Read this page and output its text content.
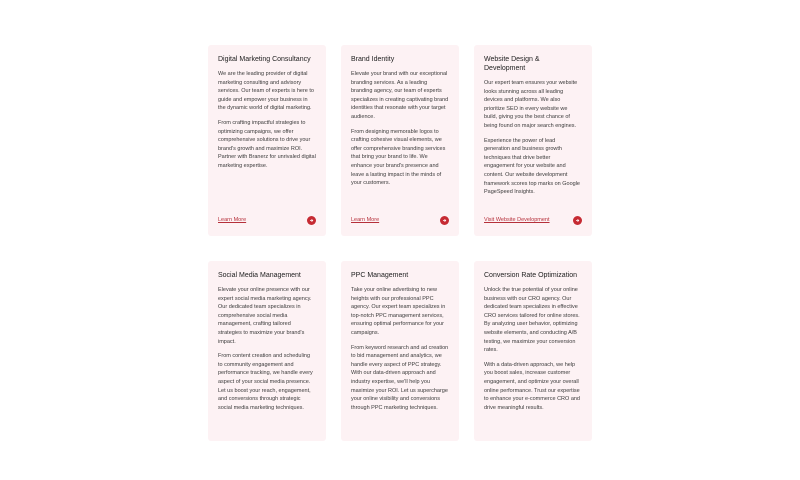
Digital Marketing Consultancy

We are the leading provider of digital marketing consulting and advisory services. Our team of experts is here to guide and empower your business in the dynamic world of digital marketing.

From crafting impactful strategies to optimizing campaigns, we offer comprehensive solutions to drive your brand's growth and maximize ROI. Partner with Branerz for unrivaled digital marketing expertise.

Learn More
Brand Identity

Elevate your brand with our exceptional branding services. As a leading branding agency, our team of experts specializes in creating captivating brand identities that resonate with your target audience.

From designing memorable logos to crafting cohesive visual elements, we offer comprehensive branding services that bring your brand to life. We enhance your brand's presence and leave a lasting impact in the minds of your customers.

Learn More
Website Design & Development

Our expert team ensures your website looks stunning across all leading devices and platforms. We also prioritize SEO in every website we build, giving you the best chance of being found on major search engines.

Experience the power of lead generation and business growth techniques that drive better engagement for your website and content. Our website development framework scores top marks on Google PageSpeed Insights.

Visit Website Development
Social Media Management

Elevate your online presence with our expert social media marketing agency. Our dedicated team specializes in comprehensive social media management, crafting tailored strategies to maximize your brand's impact.

From content creation and scheduling to community engagement and performance tracking, we handle every aspect of your social media presence. Let us boost your reach, engagement, and conversions through strategic social media marketing techniques.

PPC Management

Take your online advertising to new heights with our professional PPC agency. Our expert team specializes in top-notch PPC management services, ensuring optimal performance for your campaigns.

From keyword research and ad creation to bid management and analytics, we handle every aspect of PPC strategy. With our data-driven approach and industry expertise, we'll help you maximize your ROI. Let us supercharge your online visibility and conversions through PPC marketing techniques.

Conversion Rate Optimization

Unlock the true potential of your online business with our CRO agency. Our dedicated team specializes in effective CRO services tailored for online stores. By analyzing user behavior, optimizing website elements, and conducting A/B testing, we maximize your conversion rates.

With a data-driven approach, we help you boost sales, increase customer engagement, and optimize your overall online performance. Trust our expertise to enhance your e-commerce CRO and drive meaningful results.
